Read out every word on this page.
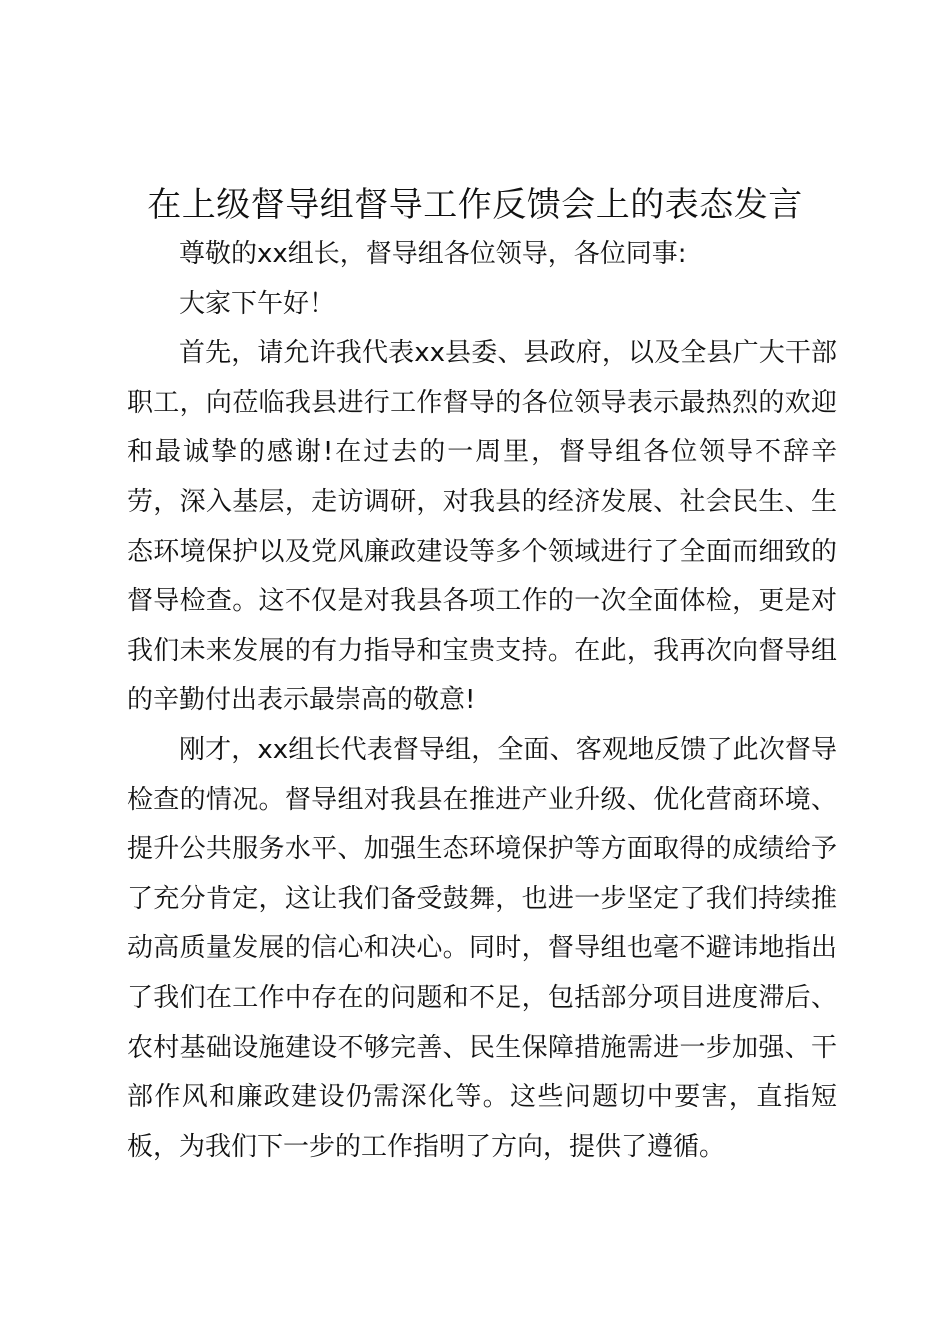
在上级督导组督导工作反馈会上的表态发言

尊敬的xx组长，督导组各位领导，各位同事:

大家下午好！

首先，请允许我代表xx县委、县政府，以及全县广大干部职工，向莅临我县进行工作督导的各位领导表示最热烈的欢迎和最诚挚的感谢!在过去的一周里，督导组各位领导不辞辛劳，深入基层，走访调研，对我县的经济发展、社会民生、生态环境保护以及党风廉政建设等多个领域进行了全面而细致的督导检查。这不仅是对我县各项工作的一次全面体检，更是对我们未来发展的有力指导和宝贵支持。在此，我再次向督导组的辛勤付出表示最崇高的敬意!

刚才，xx组长代表督导组，全面、客观地反馈了此次督导检查的情况。督导组对我县在推进产业升级、优化营商环境、提升公共服务水平、加强生态环境保护等方面取得的成绩给予了充分肯定，这让我们备受鼓舞，也进一步坚定了我们持续推动高质量发展的信心和决心。同时，督导组也毫不避讳地指出了我们在工作中存在的问题和不足，包括部分项目进度滞后、农村基础设施建设不够完善、民生保障措施需进一步加强、干部作风和廉政建设仍需深化等。这些问题切中要害，直指短板，为我们下一步的工作指明了方向，提供了遵循。
